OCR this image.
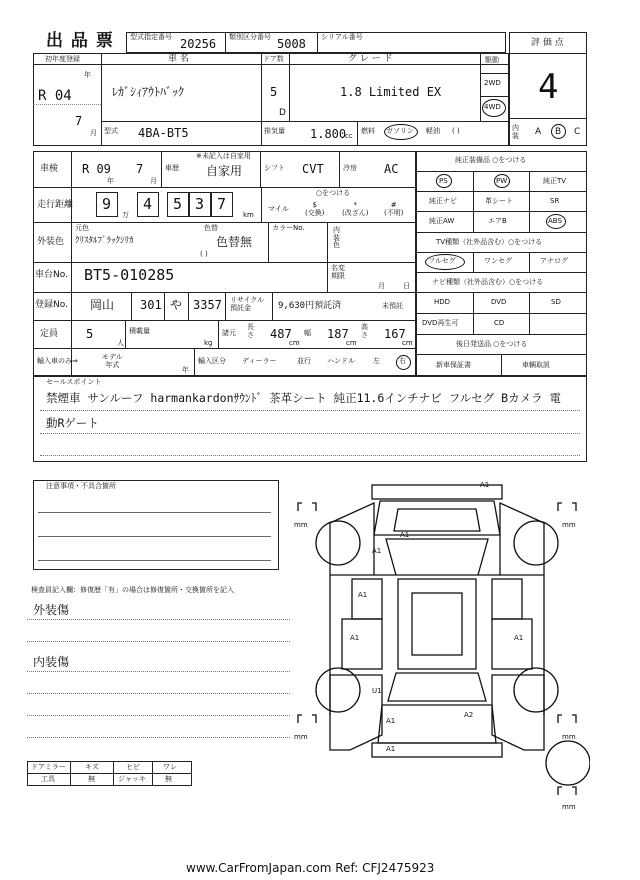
出 品 票 型式指定番号 20256 類別区分番号 5008 シリアル番号
評 価 点
4
内
装 A B C
初年度登録
年
R 04
7
月
車 名
ﾚｶﾞｼｨｱｳﾄﾊﾞｯｸ
ドア数
5
D
グ レ ー ド
1.8 Limited EX
駆動
2WD
4WD
型式 4BA-BT5	排気量 1.800
cc
燃料 ガソリン 軽油 ( )
車検 R 09
年
7
月
車歴
※未記入は自家用
自家用	シフト CVT	冷房 AC
走行距離 9
万
4 5 3 7
km
マイル
○をつける
$
(交換)
*
(改ざん)
#
(不明)
外装色
元色
ｸﾘｽﾀﾙﾌﾞﾗｯｸｼﾘｶ
色替
色替無
( )
カラーNo.	内
装
色
車台No. BT5-010285	名変
期限
月	日
登録No. 岡山 301 や 3357 リサイクル預託金	9,630円預託済	未預託
定員 5
人
積載量
kg
諸元
長
さ 487
cm
幅 187
cm
高
さ 167
cm
輸入車のみ⇒	モデル
年式
年
輸入区分 ディーラー	並行 ハンドル	左	右
純正装備品 ○をつける
PS	PW	純正TV
純正ナビ	革シート	SR
純正AW	エアB	ABS
TV種類（社外品含む）○をつける
フルセグ	ワンセグ	アナログ
ナビ種類（社外品含む）○をつける
HDD	DVD	SD
DVD再生可	CD
後日発送品 ○をつける
新車保証書	車輌取説
セールスポイント
禁煙車 サンルーフ harmankardonｻｳﾝﾄﾞ 茶革シート 純正11.6インチナビ フルセグ Bカメラ 電
動Rゲート
注意事項・不具合箇所
検査員記入欄：修復歴「有」の場合は修復箇所・交換箇所を記入
外装傷
内装傷
ドアミラー	キズ	ヒビ	ワレ
工具	無	ジャッキ	無
A1
A1
A1
A1
A1	A1
A1
U1
A2
A1
mm	mm
mm	mm
mm
www.CarFromJapan.com Ref: CFJ2475923
